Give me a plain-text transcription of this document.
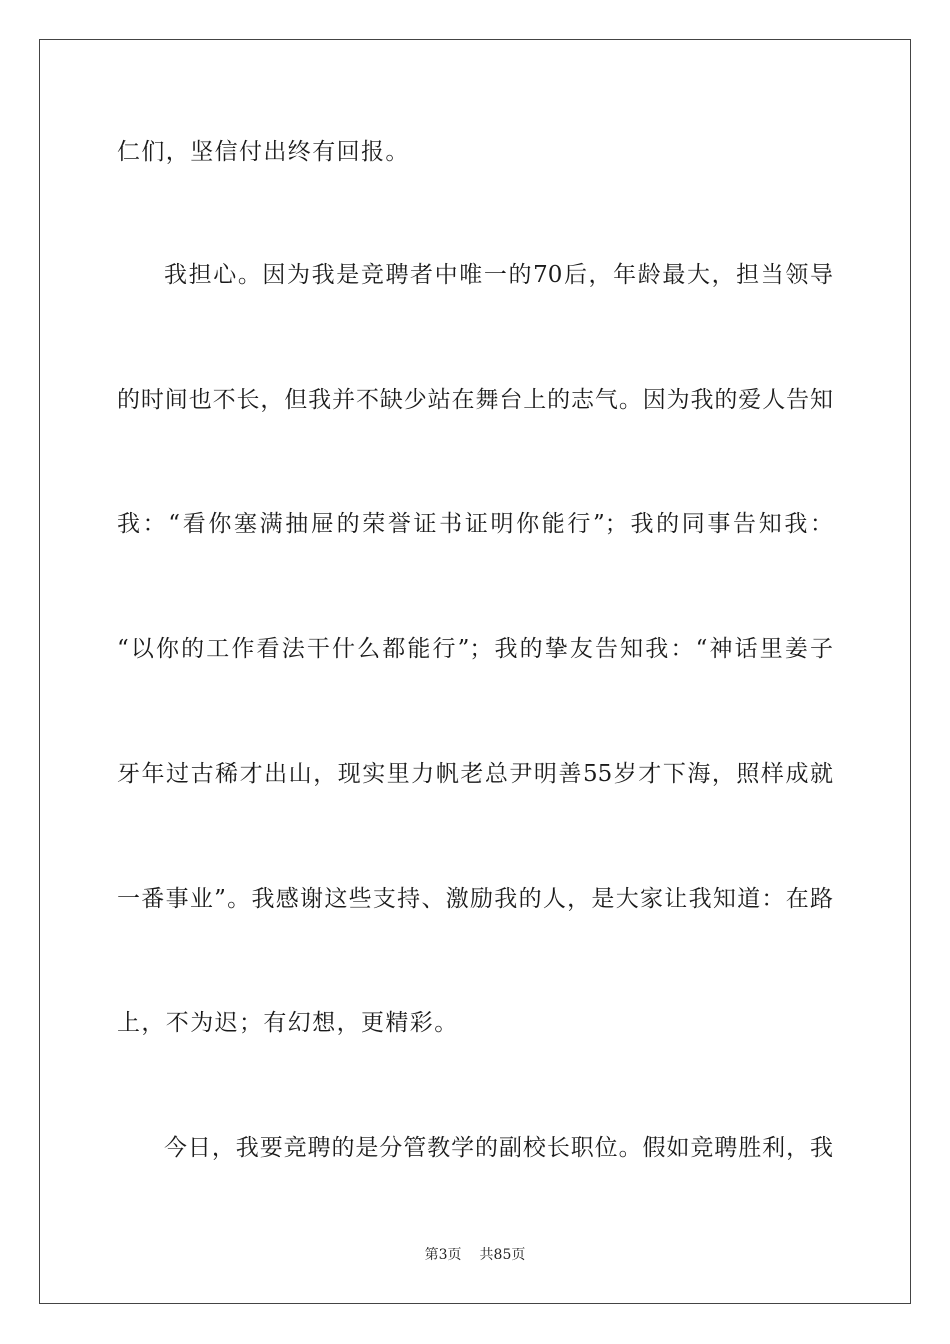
仁们，坚信付出终有回报。
我担心。因为我是竞聘者中唯一的70后，年龄最大，担当领导
的时间也不长，但我并不缺少站在舞台上的志气。因为我的爱人告知
我：“看你塞满抽屉的荣誉证书证明你能行”；我的同事告知我：
“以你的工作看法干什么都能行”；我的挚友告知我：“神话里姜子
牙年过古稀才出山，现实里力帆老总尹明善55岁才下海，照样成就
一番事业”。我感谢这些支持、激励我的人，是大家让我知道：在路
上，不为迟；有幻想，更精彩。
今日，我要竞聘的是分管教学的副校长职位。假如竞聘胜利，我
第3页 共85页
